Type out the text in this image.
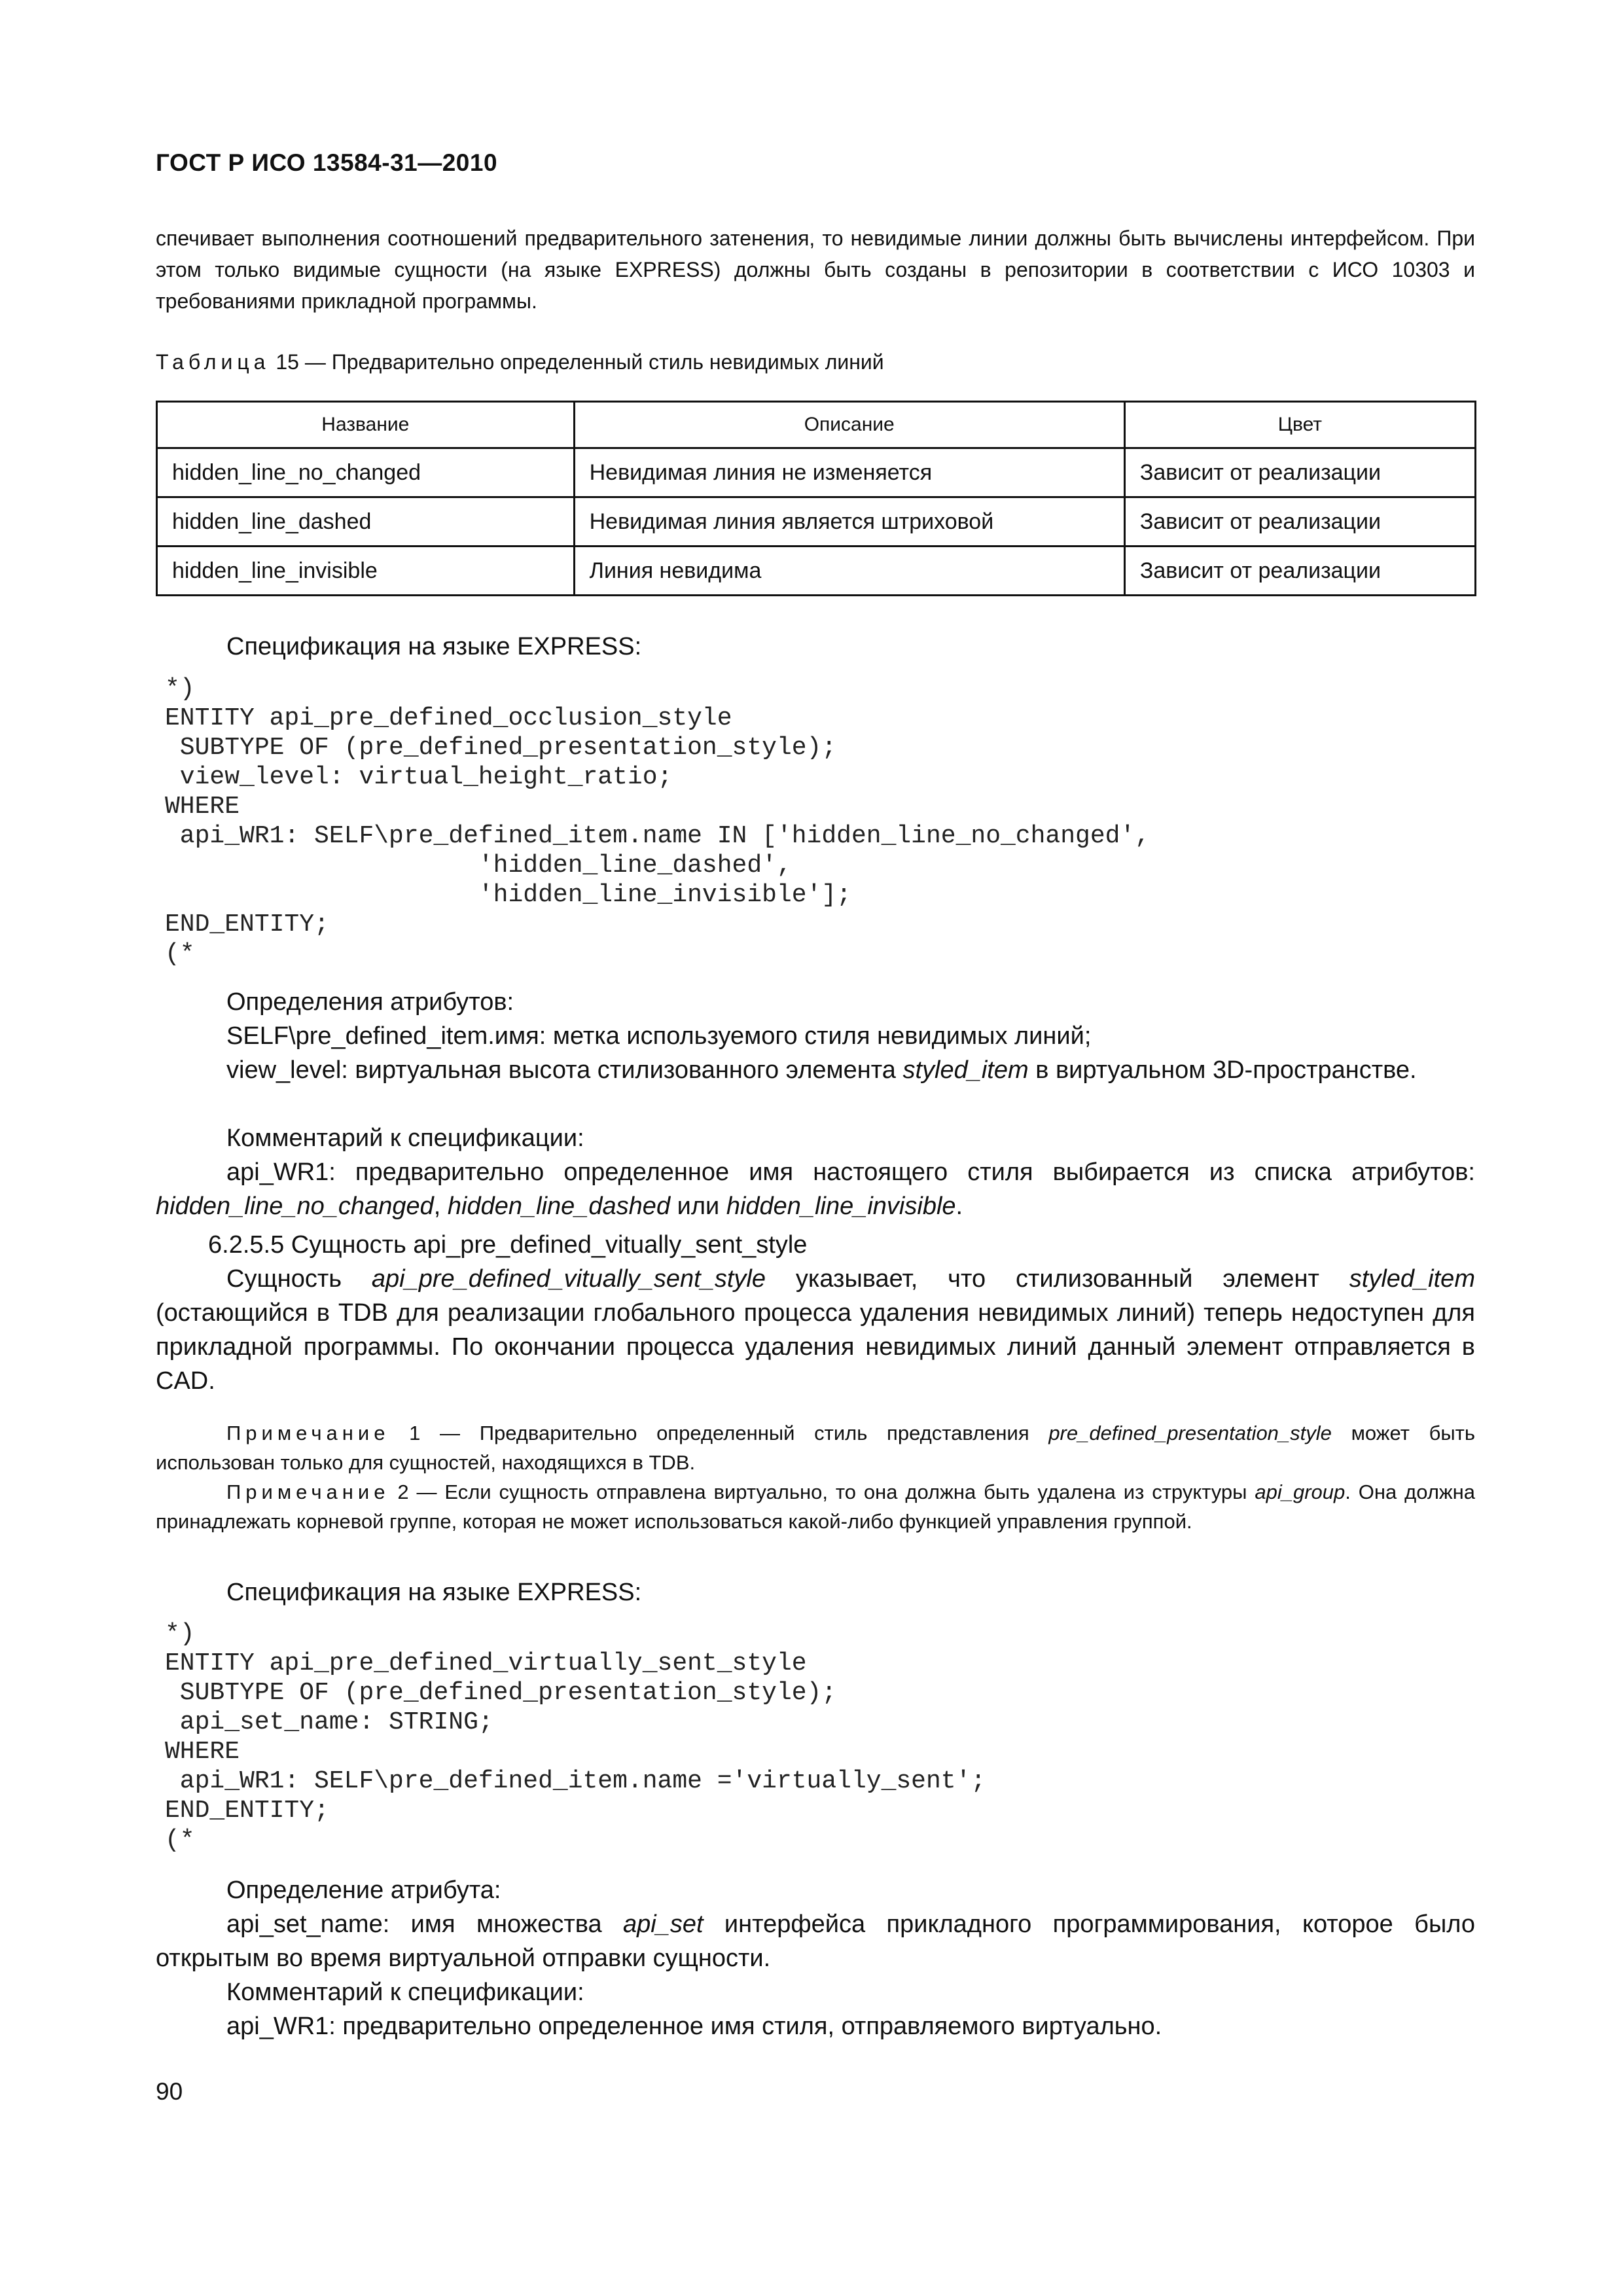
ГОСТ Р ИСО 13584-31—2010
спечивает выполнения соотношений предварительного затенения, то невидимые линии должны быть вычислены интерфейсом. При этом только видимые сущности (на языке EXPRESS) должны быть созданы в репозитории в соответствии с ИСО 10303 и требованиями прикладной программы.
Таблица 15 — Предварительно определенный стиль невидимых линий
Название	Описание	Цвет
hidden_line_no_changed	Невидимая линия не изменяется	Зависит от реализации
hidden_line_dashed	Невидимая линия является штриховой	Зависит от реализации
hidden_line_invisible	Линия невидима	Зависит от реализации
Спецификация на языке EXPRESS:
*)
ENTITY api_pre_defined_occlusion_style
SUBTYPE OF (pre_defined_presentation_style);
view_level: virtual_height_ratio;
WHERE
api_WR1: SELF\pre_defined_item.name IN ['hidden_line_no_changed',
'hidden_line_dashed',
'hidden_line_invisible'];
END_ENTITY;
(*
Определения атрибутов:
SELF\pre_defined_item.имя: метка используемого стиля невидимых линий;
view_level: виртуальная высота стилизованного элемента styled_item в виртуальном 3D-пространстве.
Комментарий к спецификации:
api_WR1: предварительно определенное имя настоящего стиля выбирается из списка атрибутов: hidden_line_no_changed, hidden_line_dashed или hidden_line_invisible.
6.2.5.5 Сущность api_pre_defined_vitually_sent_style
Сущность api_pre_defined_vitually_sent_style указывает, что стилизованный элемент styled_item (остающийся в TDB для реализации глобального процесса удаления невидимых линий) теперь недоступен для прикладной программы. По окончании процесса удаления невидимых линий данный элемент отправляется в CAD.
Примечание 1 — Предварительно определенный стиль представления pre_defined_presentation_style может быть использован только для сущностей, находящихся в TDB.
Примечание 2 — Если сущность отправлена виртуально, то она должна быть удалена из структуры api_group. Она должна принадлежать корневой группе, которая не может использоваться какой-либо функцией управления группой.
Спецификация на языке EXPRESS:
*)
ENTITY api_pre_defined_virtually_sent_style
SUBTYPE OF (pre_defined_presentation_style);
api_set_name: STRING;
WHERE
api_WR1: SELF\pre_defined_item.name ='virtually_sent';
END_ENTITY;
(*
Определение атрибута:
api_set_name: имя множества api_set интерфейса прикладного программирования, которое было открытым во время виртуальной отправки сущности.
Комментарий к спецификации:
api_WR1: предварительно определенное имя стиля, отправляемого виртуально.
90
